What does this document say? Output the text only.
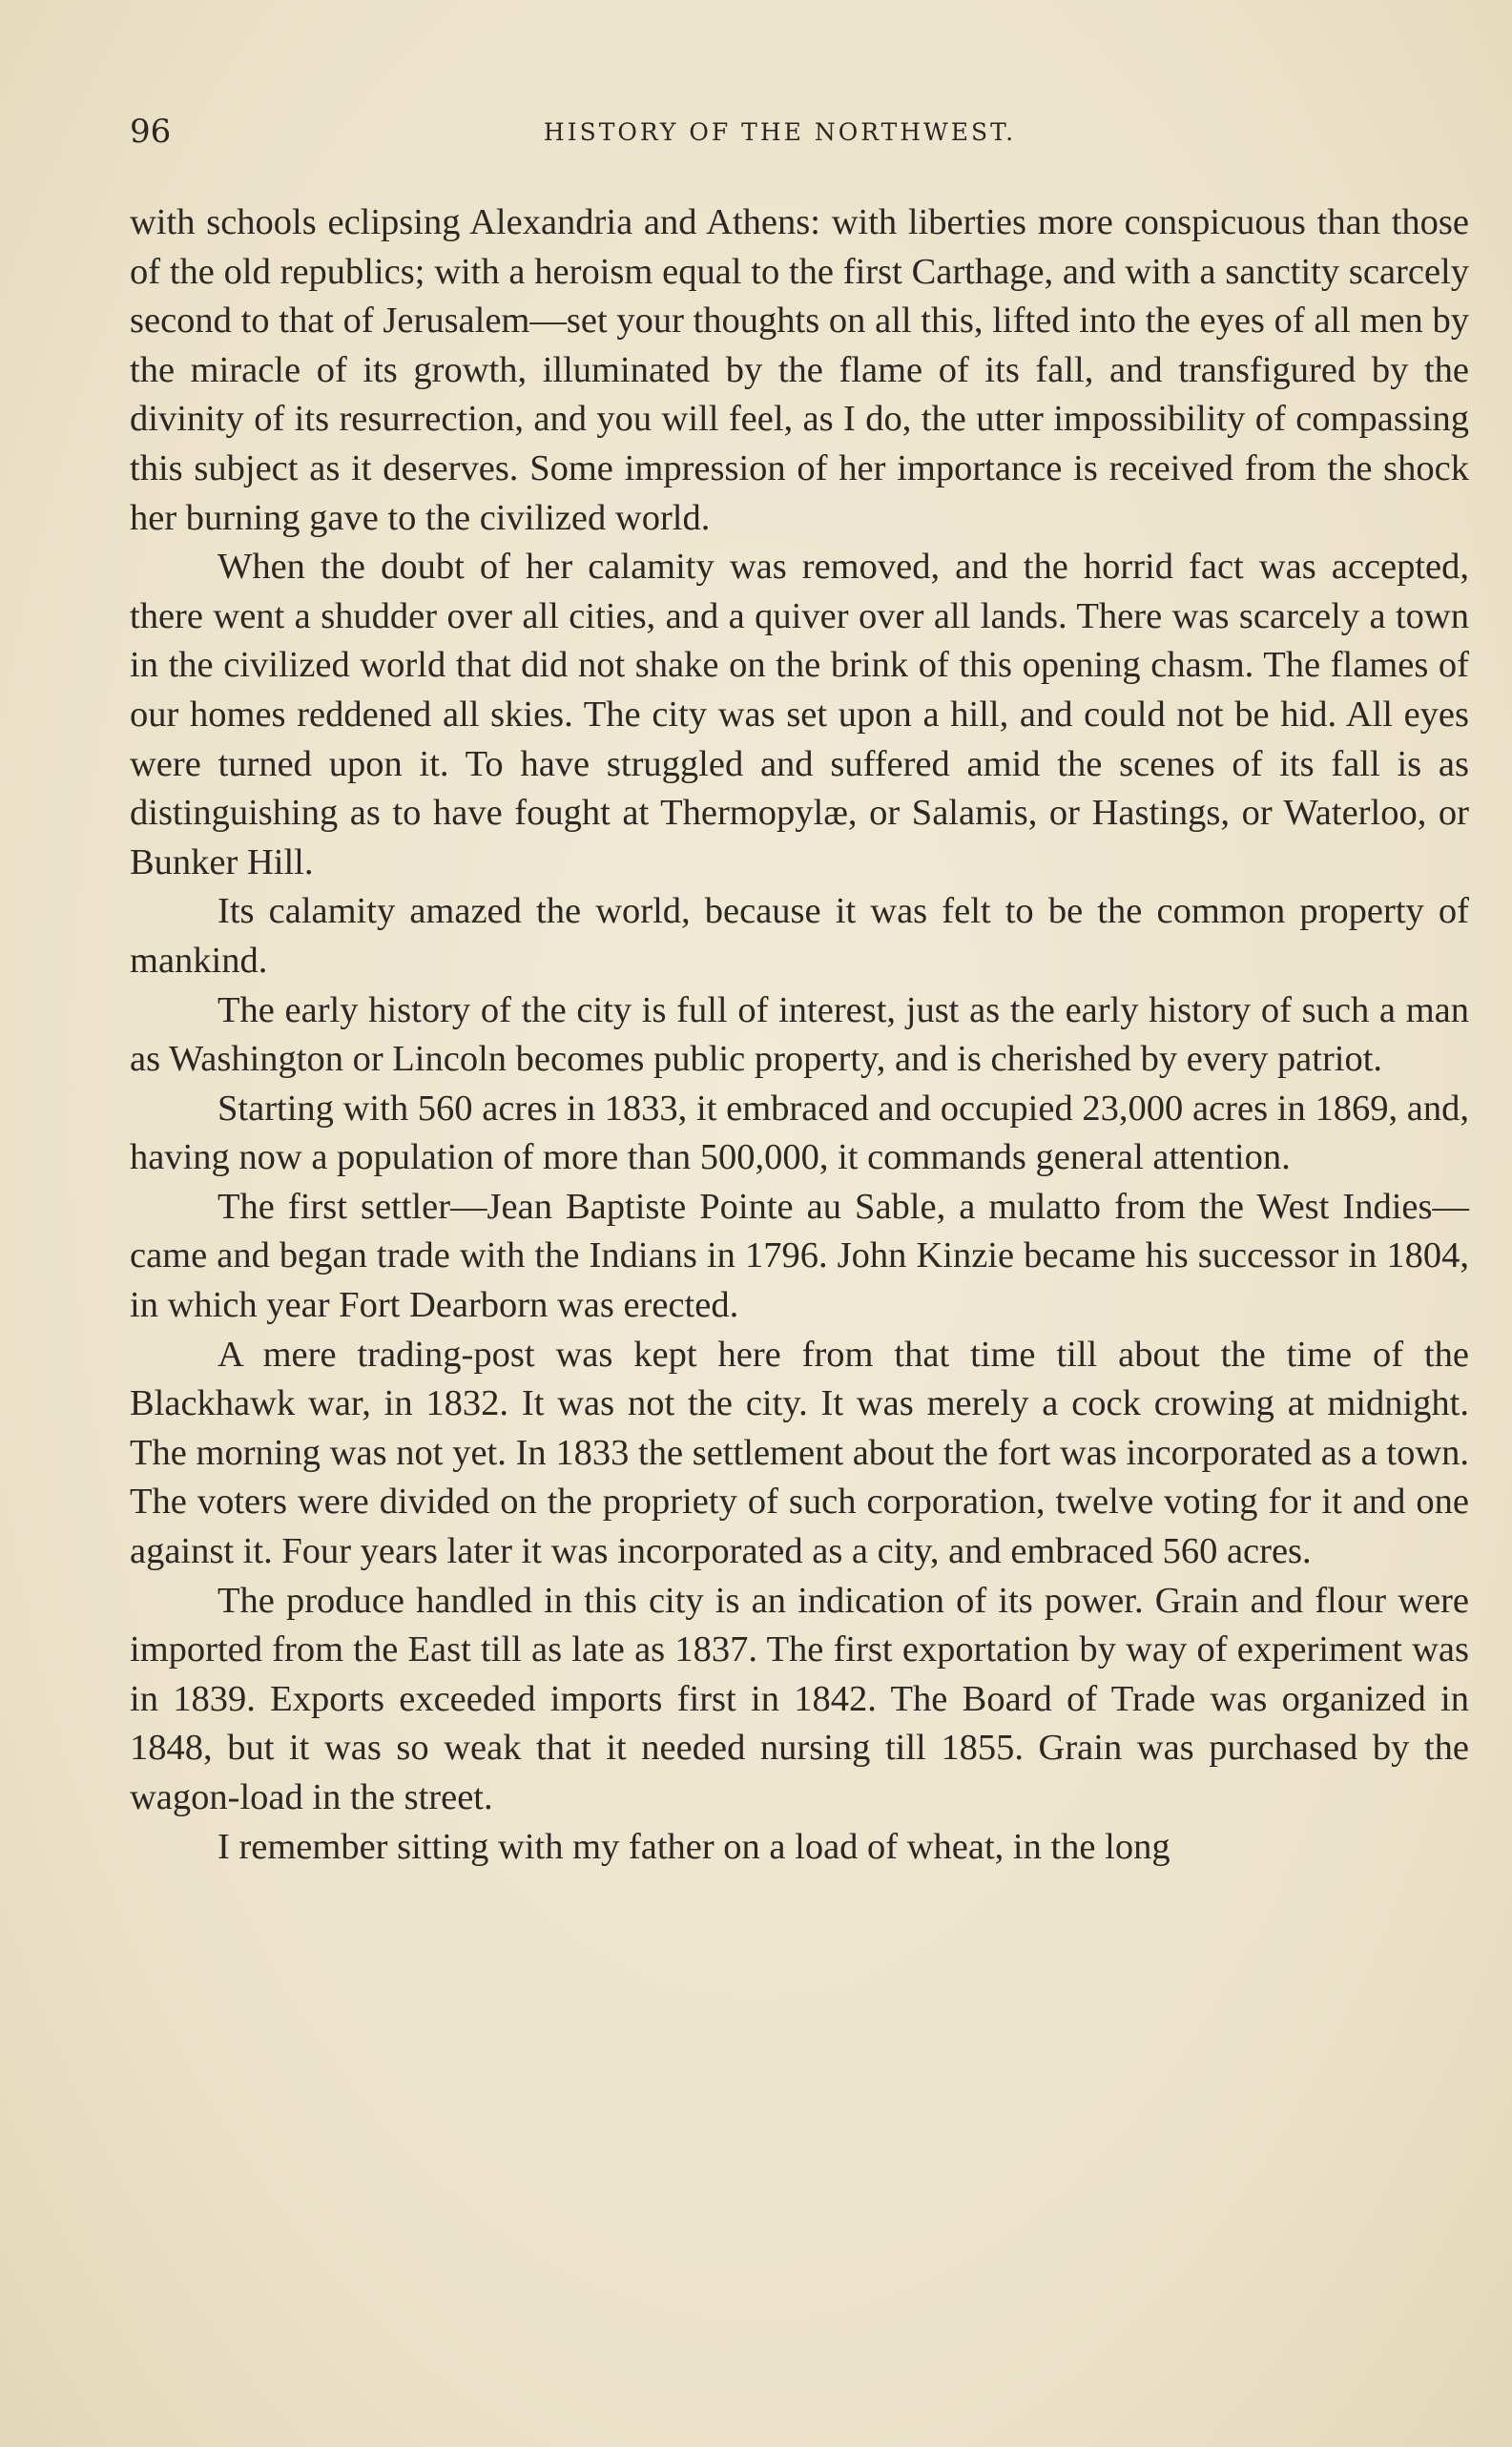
96	HISTORY OF THE NORTHWEST.

with schools eclipsing Alexandria and Athens: with liberties more conspicuous than those of the old republics; with a heroism equal to the first Carthage, and with a sanctity scarcely second to that of Jerusalem—set your thoughts on all this, lifted into the eyes of all men by the miracle of its growth, illuminated by the flame of its fall, and transfigured by the divinity of its resurrection, and you will feel, as I do, the utter impossibility of compassing this subject as it deserves. Some impression of her importance is received from the shock her burning gave to the civilized world.

When the doubt of her calamity was removed, and the horrid fact was accepted, there went a shudder over all cities, and a quiver over all lands. There was scarcely a town in the civilized world that did not shake on the brink of this opening chasm. The flames of our homes reddened all skies. The city was set upon a hill, and could not be hid. All eyes were turned upon it. To have struggled and suffered amid the scenes of its fall is as distinguishing as to have fought at Thermopylæ, or Salamis, or Hastings, or Waterloo, or Bunker Hill.

Its calamity amazed the world, because it was felt to be the common property of mankind.

The early history of the city is full of interest, just as the early history of such a man as Washington or Lincoln becomes public property, and is cherished by every patriot.

Starting with 560 acres in 1833, it embraced and occupied 23,000 acres in 1869, and, having now a population of more than 500,000, it commands general attention.

The first settler—Jean Baptiste Pointe au Sable, a mulatto from the West Indies—came and began trade with the Indians in 1796. John Kinzie became his successor in 1804, in which year Fort Dearborn was erected.

A mere trading-post was kept here from that time till about the time of the Blackhawk war, in 1832. It was not the city. It was merely a cock crowing at midnight. The morning was not yet. In 1833 the settlement about the fort was incorporated as a town. The voters were divided on the propriety of such corporation, twelve voting for it and one against it. Four years later it was incorporated as a city, and embraced 560 acres.

The produce handled in this city is an indication of its power. Grain and flour were imported from the East till as late as 1837. The first exportation by way of experiment was in 1839. Exports exceeded imports first in 1842. The Board of Trade was organized in 1848, but it was so weak that it needed nursing till 1855. Grain was purchased by the wagon-load in the street.

I remember sitting with my father on a load of wheat, in the long
